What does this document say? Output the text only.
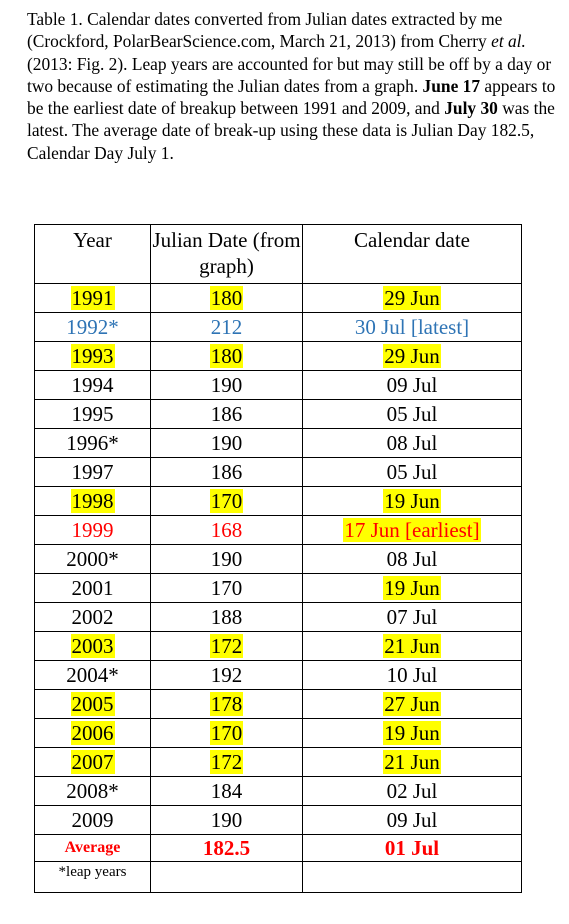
Table 1. Calendar dates converted from Julian dates extracted by me (Crockford, PolarBearScience.com, March 21, 2013) from Cherry et al. (2013: Fig. 2). Leap years are accounted for but may still be off by a day or two because of estimating the Julian dates from a graph. June 17 appears to be the earliest date of breakup between 1991 and 2009, and July 30 was the latest. The average date of break-up using these data is Julian Day 182.5, Calendar Day July 1.
Year	Julian Date (from graph)	Calendar date
1991	180	29 Jun
1992*	212	30 Jul [latest]
1993	180	29 Jun
1994	190	09 Jul
1995	186	05 Jul
1996*	190	08 Jul
1997	186	05 Jul
1998	170	19 Jun
1999	168	17 Jun [earliest]
2000*	190	08 Jul
2001	170	19 Jun
2002	188	07 Jul
2003	172	21 Jun
2004*	192	10 Jul
2005	178	27 Jun
2006	170	19 Jun
2007	172	21 Jun
2008*	184	02 Jul
2009	190	09 Jul
Average	182.5	01 Jul
*leap years		
